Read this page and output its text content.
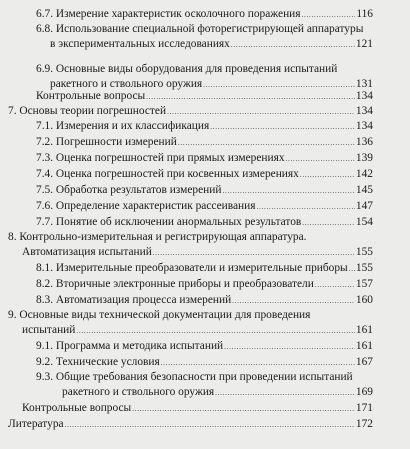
6.7. Измерение характеристик осколочного поражения . . .	116
6.8. Использование специальной фоторегистрирующей аппаратуры
в экспериментальных исследованиях . . .	121
6.9. Основные виды оборудования для проведения испытаний
ракетного и ствольного оружия . . .	131
Контрольные вопросы . . .	134
7. Основы теории погрешностей . . .	134
7.1. Измерения и их классификация . . .	134
7.2. Погрешности измерений . . .	136
7.3. Оценка погрешностей при прямых измерениях . . .	139
7.4. Оценка погрешностей при косвенных измерениях . . .	142
7.5. Обработка результатов измерений . . .	145
7.6. Определение характеристик рассеивания . . .	147
7.7. Понятие об исключении анормальных результатов . . .	154
8. Контрольно-измерительная и регистрирующая аппаратура.
Автоматизация испытаний . . .	155
8.1. Измерительные преобразователи и измерительные приборы . . . 155
8.2. Вторичные электронные приборы и преобразователи . . .	157
8.3. Автоматизация процесса измерений . . .	160
9. Основные виды технической документации для проведения
испытаний . . .	161
9.1. Программа и методика испытаний . . .	161
9.2. Технические условия . . .	167
9.3. Общие требования безопасности при проведении испытаний
ракетного и ствольного оружия . . .	169
Контрольные вопросы . . .	171
Литература . . .	172
